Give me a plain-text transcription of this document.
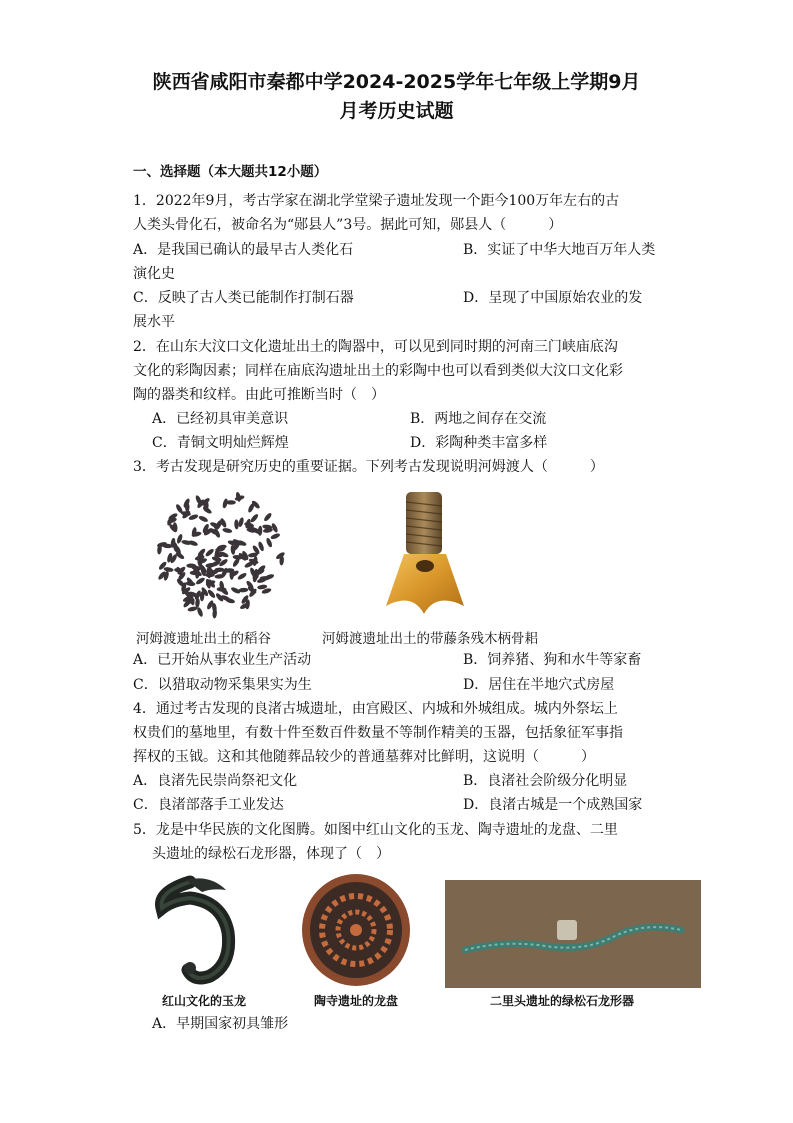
陕西省咸阳市秦都中学2024-2025学年七年级上学期9月
月考历史试题
一、选择题（本大题共12小题）
1．2022年9月，考古学家在湖北学堂梁子遗址发现一个距今100万年左右的古
人类头骨化石，被命名为“郧县人”3号。据此可知，郧县人（　　　）
A．是我国已确认的最早古人类化石	B．实证了中华大地百万年人类
演化史
C．反映了古人类已能制作打制石器	D．呈现了中国原始农业的发
展水平
2．在山东大汶口文化遗址出土的陶器中，可以见到同时期的河南三门峡庙底沟
文化的彩陶因素；同样在庙底沟遗址出土的彩陶中也可以看到类似大汶口文化彩
陶的器类和纹样。由此可推断当时（　）
A．已经初具审美意识	B．两地之间存在交流
C．青铜文明灿烂辉煌	D．彩陶种类丰富多样
3．考古发现是研究历史的重要证据。下列考古发现说明河姆渡人（　　　）
河姆渡遗址出土的稻谷	河姆渡遗址出土的带藤条残木柄骨耜
A．已开始从事农业生产活动	B．饲养猪、狗和水牛等家畜
C．以猎取动物采集果实为生	D．居住在半地穴式房屋
4．通过考古发现的良渚古城遗址，由宫殿区、内城和外城组成。城内外祭坛上
权贵们的墓地里，有数十件至数百件数量不等制作精美的玉器，包括象征军事指
挥权的玉钺。这和其他随葬品较少的普通墓葬对比鲜明，这说明（　　　）
A．良渚先民崇尚祭祀文化	B．良渚社会阶级分化明显
C．良渚部落手工业发达	D．良渚古城是一个成熟国家
5．龙是中华民族的文化图腾。如图中红山文化的玉龙、陶寺遗址的龙盘、二里
头遗址的绿松石龙形器，体现了（　）
红山文化的玉龙	陶寺遗址的龙盘	二里头遗址的绿松石龙形器
A．早期国家初具雏形
